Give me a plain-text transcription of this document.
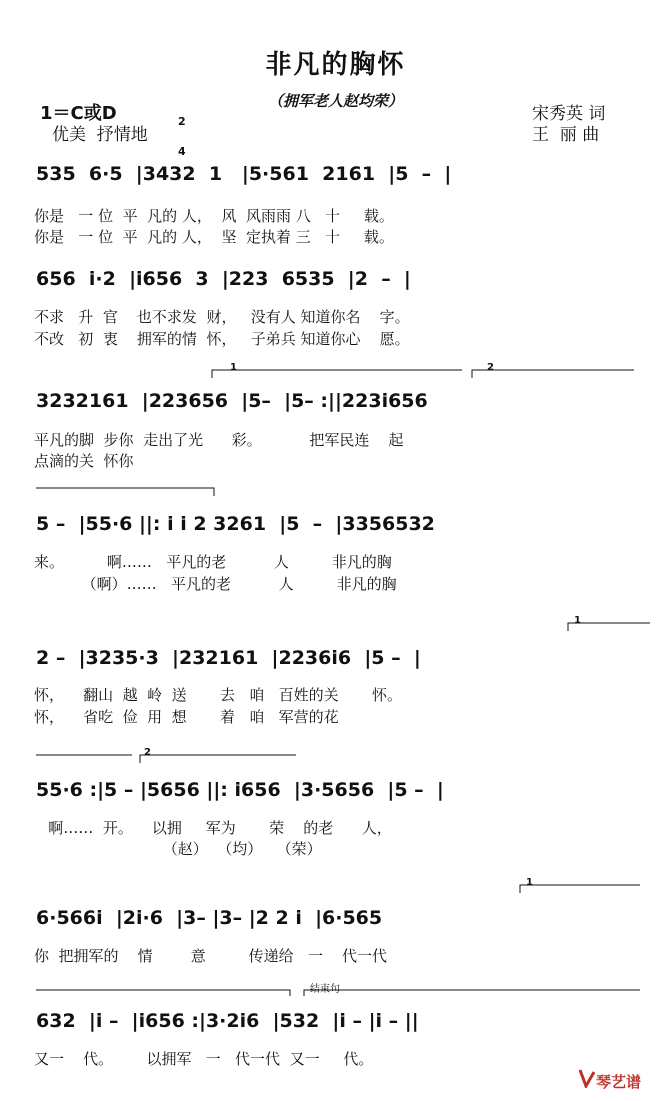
非凡的胸怀
（拥军老人赵均荣）
1＝C或D

	2

4

优美  抒情地
宋秀英 词
王  丽 曲
535  6·5  |3432  1   |5·561  2161  |5  –  |
你是   一 位  平  凡的 人，  风  风雨雨 八   十     载。
你是   一 位  平  凡的 人，  坚  定执着 三   十     载。
656  i·2  |i656  3  |223  6535  |2  –  |
不求   升  官    也不求发  财，   没有人 知道你名    字。
不改   初  衷    拥军的情  怀，   子弟兵 知道你心    愿。
3232161  |223656  |5–  |5– :||223i656
平凡的脚  步你  走出了光      彩。          把军民连    起
点滴的关  怀你
5 –  |55·6 ||: i i 2 3261  |5  –  |3356532
来。         啊……   平凡的老          人         非凡的胸
（啊）……   平凡的老          人         非凡的胸
2 –  |3235·3  |232161  |2236i6  |5 –  |
怀，    翻山  越  岭  送       去   咱   百姓的关       怀。
怀，    省吃  俭  用  想       着   咱   军营的花
55·6 :|5 – |5656 ||: i656  |3·5656  |5 –  |
啊……  开。    以拥     军为       荣    的老      人，
（赵）  （均）   （荣）
6·566i  |2i·6  |3– |3– |2 2 i  |6·565
你  把拥军的    情        意         传递给   一    代一代
632  |i –  |i656 :|3·2i6  |532  |i – |i – ||
又一    代。       以拥军   一   代一代  又一     代。
1	2
1
2
1
结束句
琴艺谱
